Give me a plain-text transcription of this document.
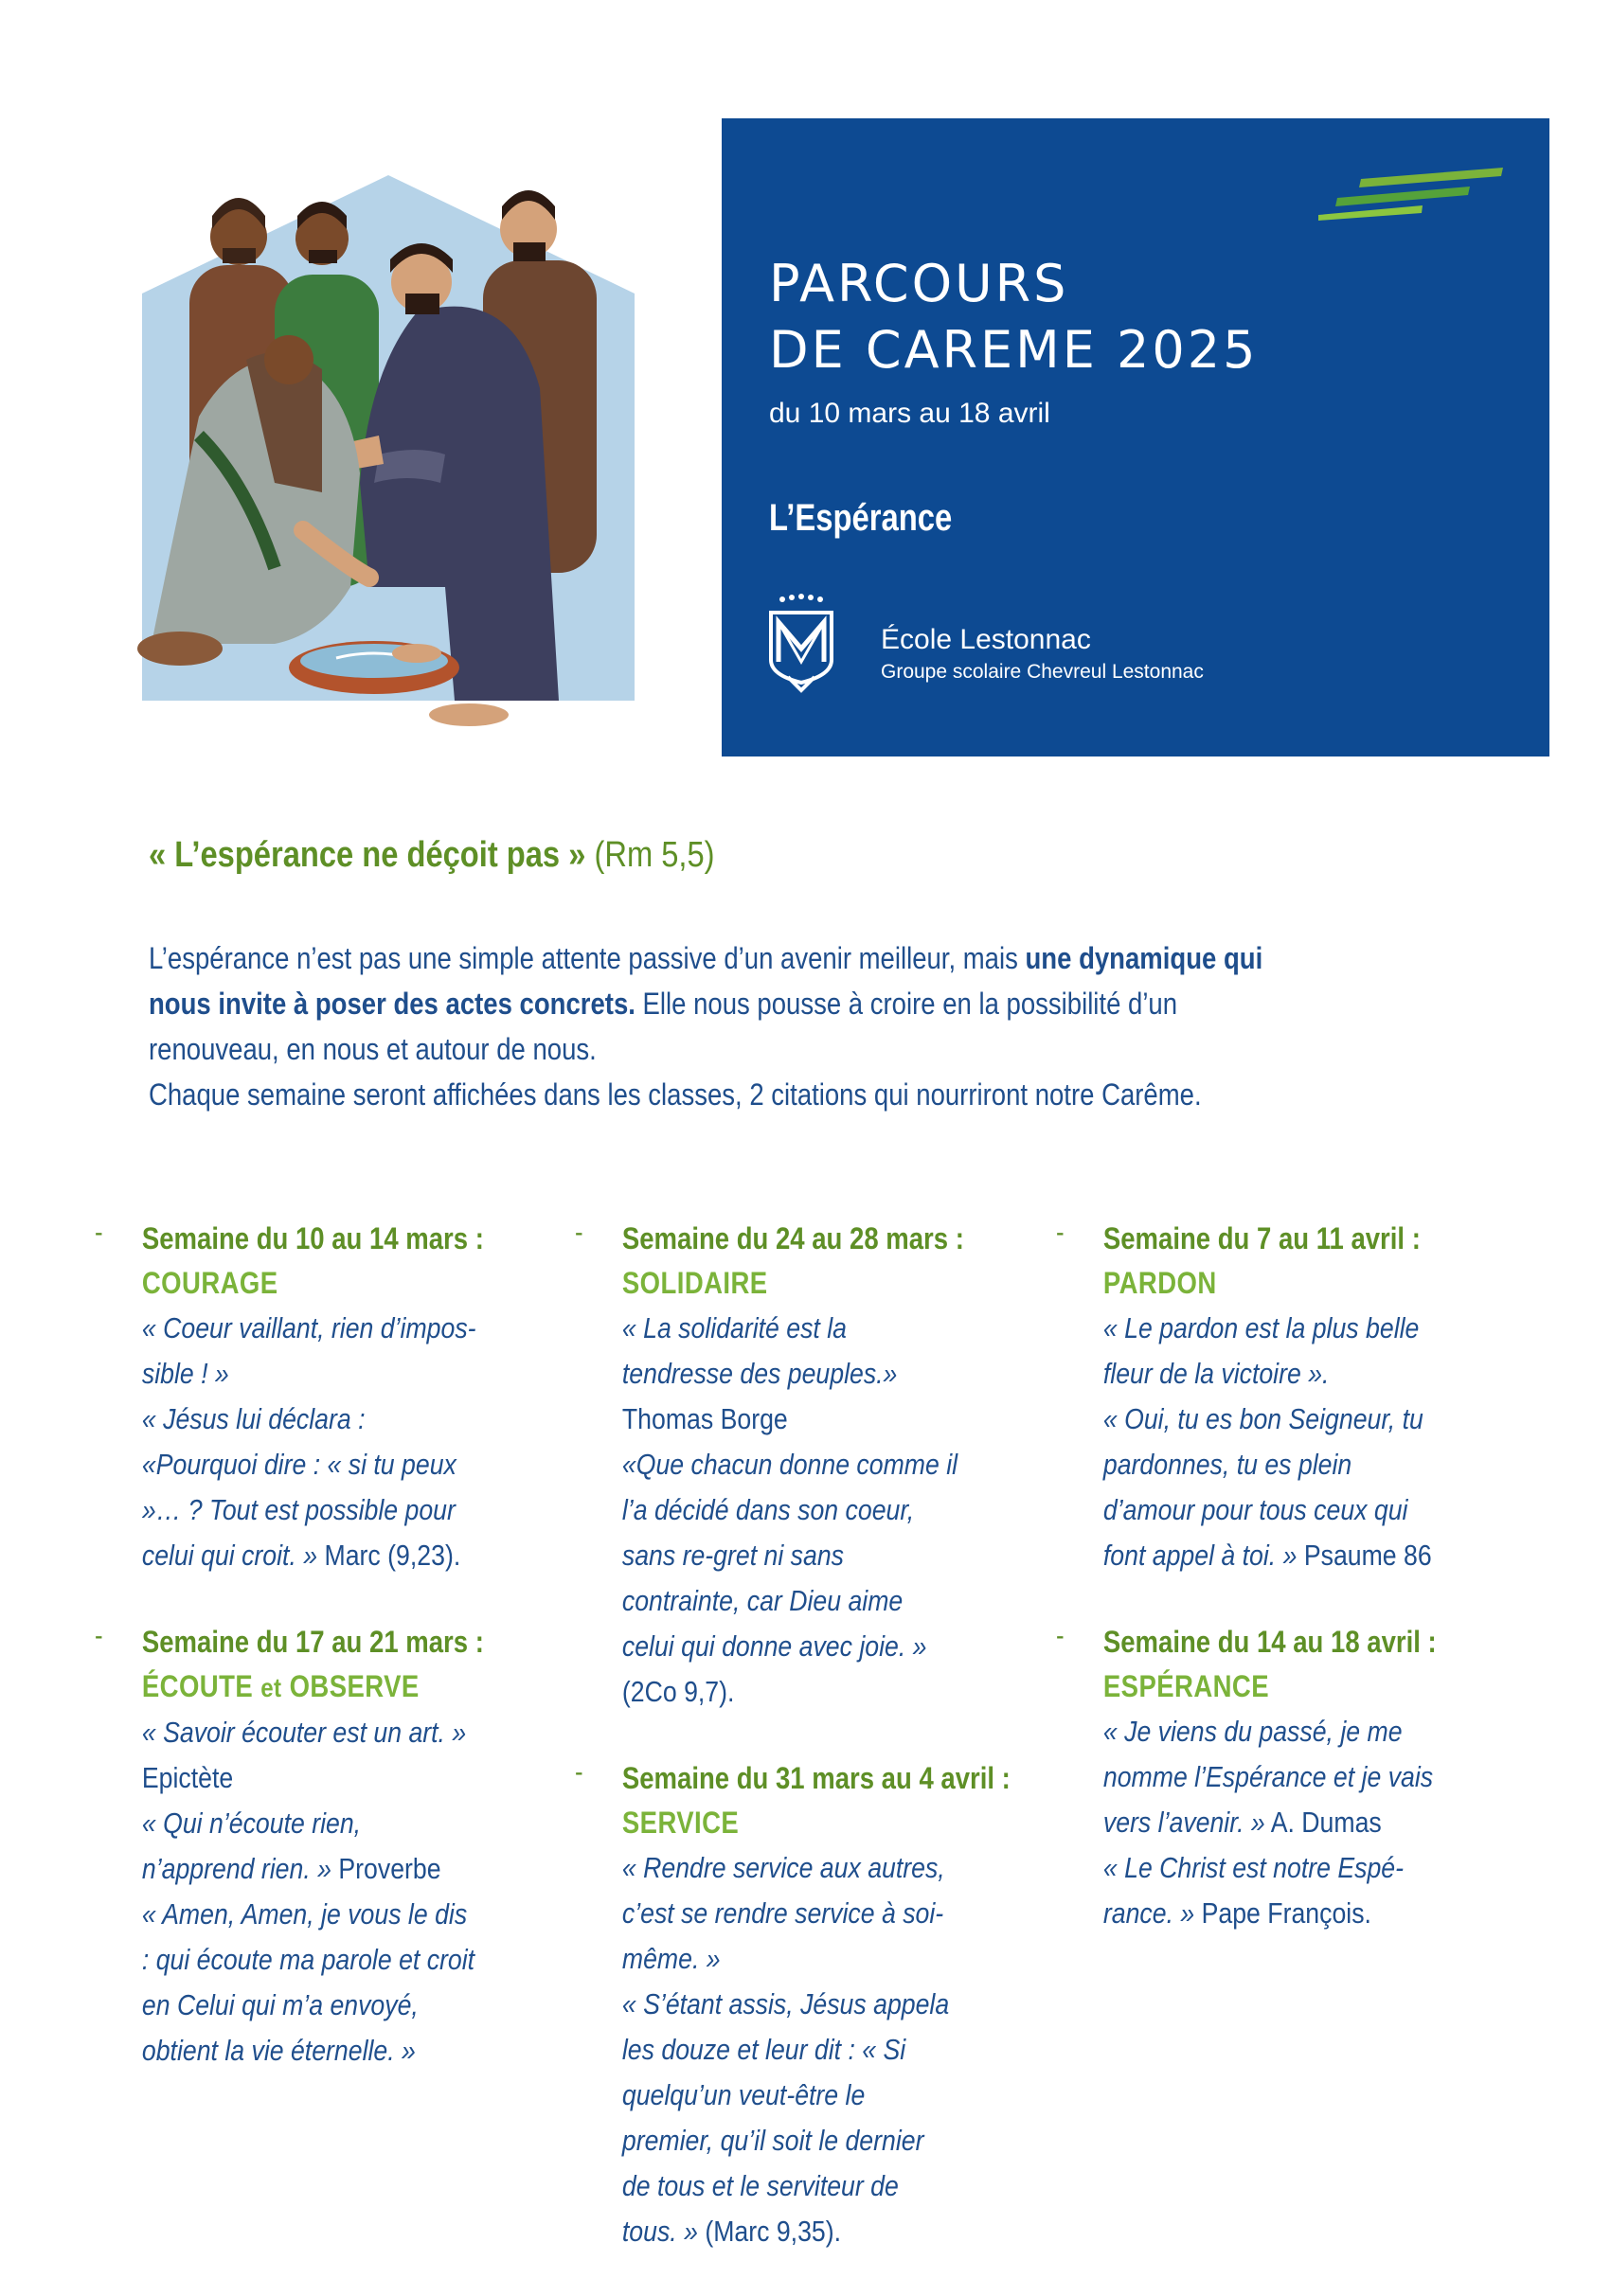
PARCOURS
DE CAREME 2025
du 10 mars au 18 avril
L’Espérance
École Lestonnac
Groupe scolaire Chevreul Lestonnac
« L’espérance ne déçoit pas » (Rm 5,5)

L’espérance n’est pas une simple attente passive d’un avenir meilleur, mais une dynamique qui nous invite à poser des actes concrets. Elle nous pousse à croire en la possibilité d’un renouveau, en nous et autour de nous.

Chaque semaine seront affichées dans les classes, 2 citations qui nourriront notre Carême.

- Semaine du 10 au 14 mars :
COURAGE
« Coeur vaillant, rien d’impos-sible ! »
« Jésus lui déclara : «Pourquoi dire : « si tu peux »… ? Tout est possible pour celui qui croit. » Marc (9,23).
- Semaine du 17 au 21 mars :
ÉCOUTE et OBSERVE
« Savoir écouter est un art. »
Epictète
« Qui n’écoute rien, n’apprend rien. » Proverbe
« Amen, Amen, je vous le dis : qui écoute ma parole et croit en Celui qui m’a envoyé, obtient la vie éternelle. »
- Semaine du 24 au 28 mars :
SOLIDAIRE
« La solidarité est la tendresse des peuples.» Thomas Borge
«Que chacun donne comme il l’a décidé dans son coeur, sans re-gret ni sans contrainte, car Dieu aime celui qui donne avec joie. »
(2Co 9,7).
- Semaine du 31 mars au 4 avril :
SERVICE
« Rendre service aux autres, c’est se rendre service à soi-même. »
« S’étant assis, Jésus appela les douze et leur dit : « Si quelqu’un veut-être le premier, qu’il soit le dernier de tous et le serviteur de tous. » (Marc 9,35).
- Semaine du 7 au 11 avril :
PARDON
« Le pardon est la plus belle fleur de la victoire ».
« Oui, tu es bon Seigneur, tu pardonnes, tu es plein d’amour pour tous ceux qui font appel à toi. » Psaume 86
- Semaine du 14 au 18 avril :
ESPÉRANCE
« Je viens du passé, je me nomme l’Espérance et je vais vers l’avenir. » A. Dumas
« Le Christ est notre Espé-rance. » Pape François.
